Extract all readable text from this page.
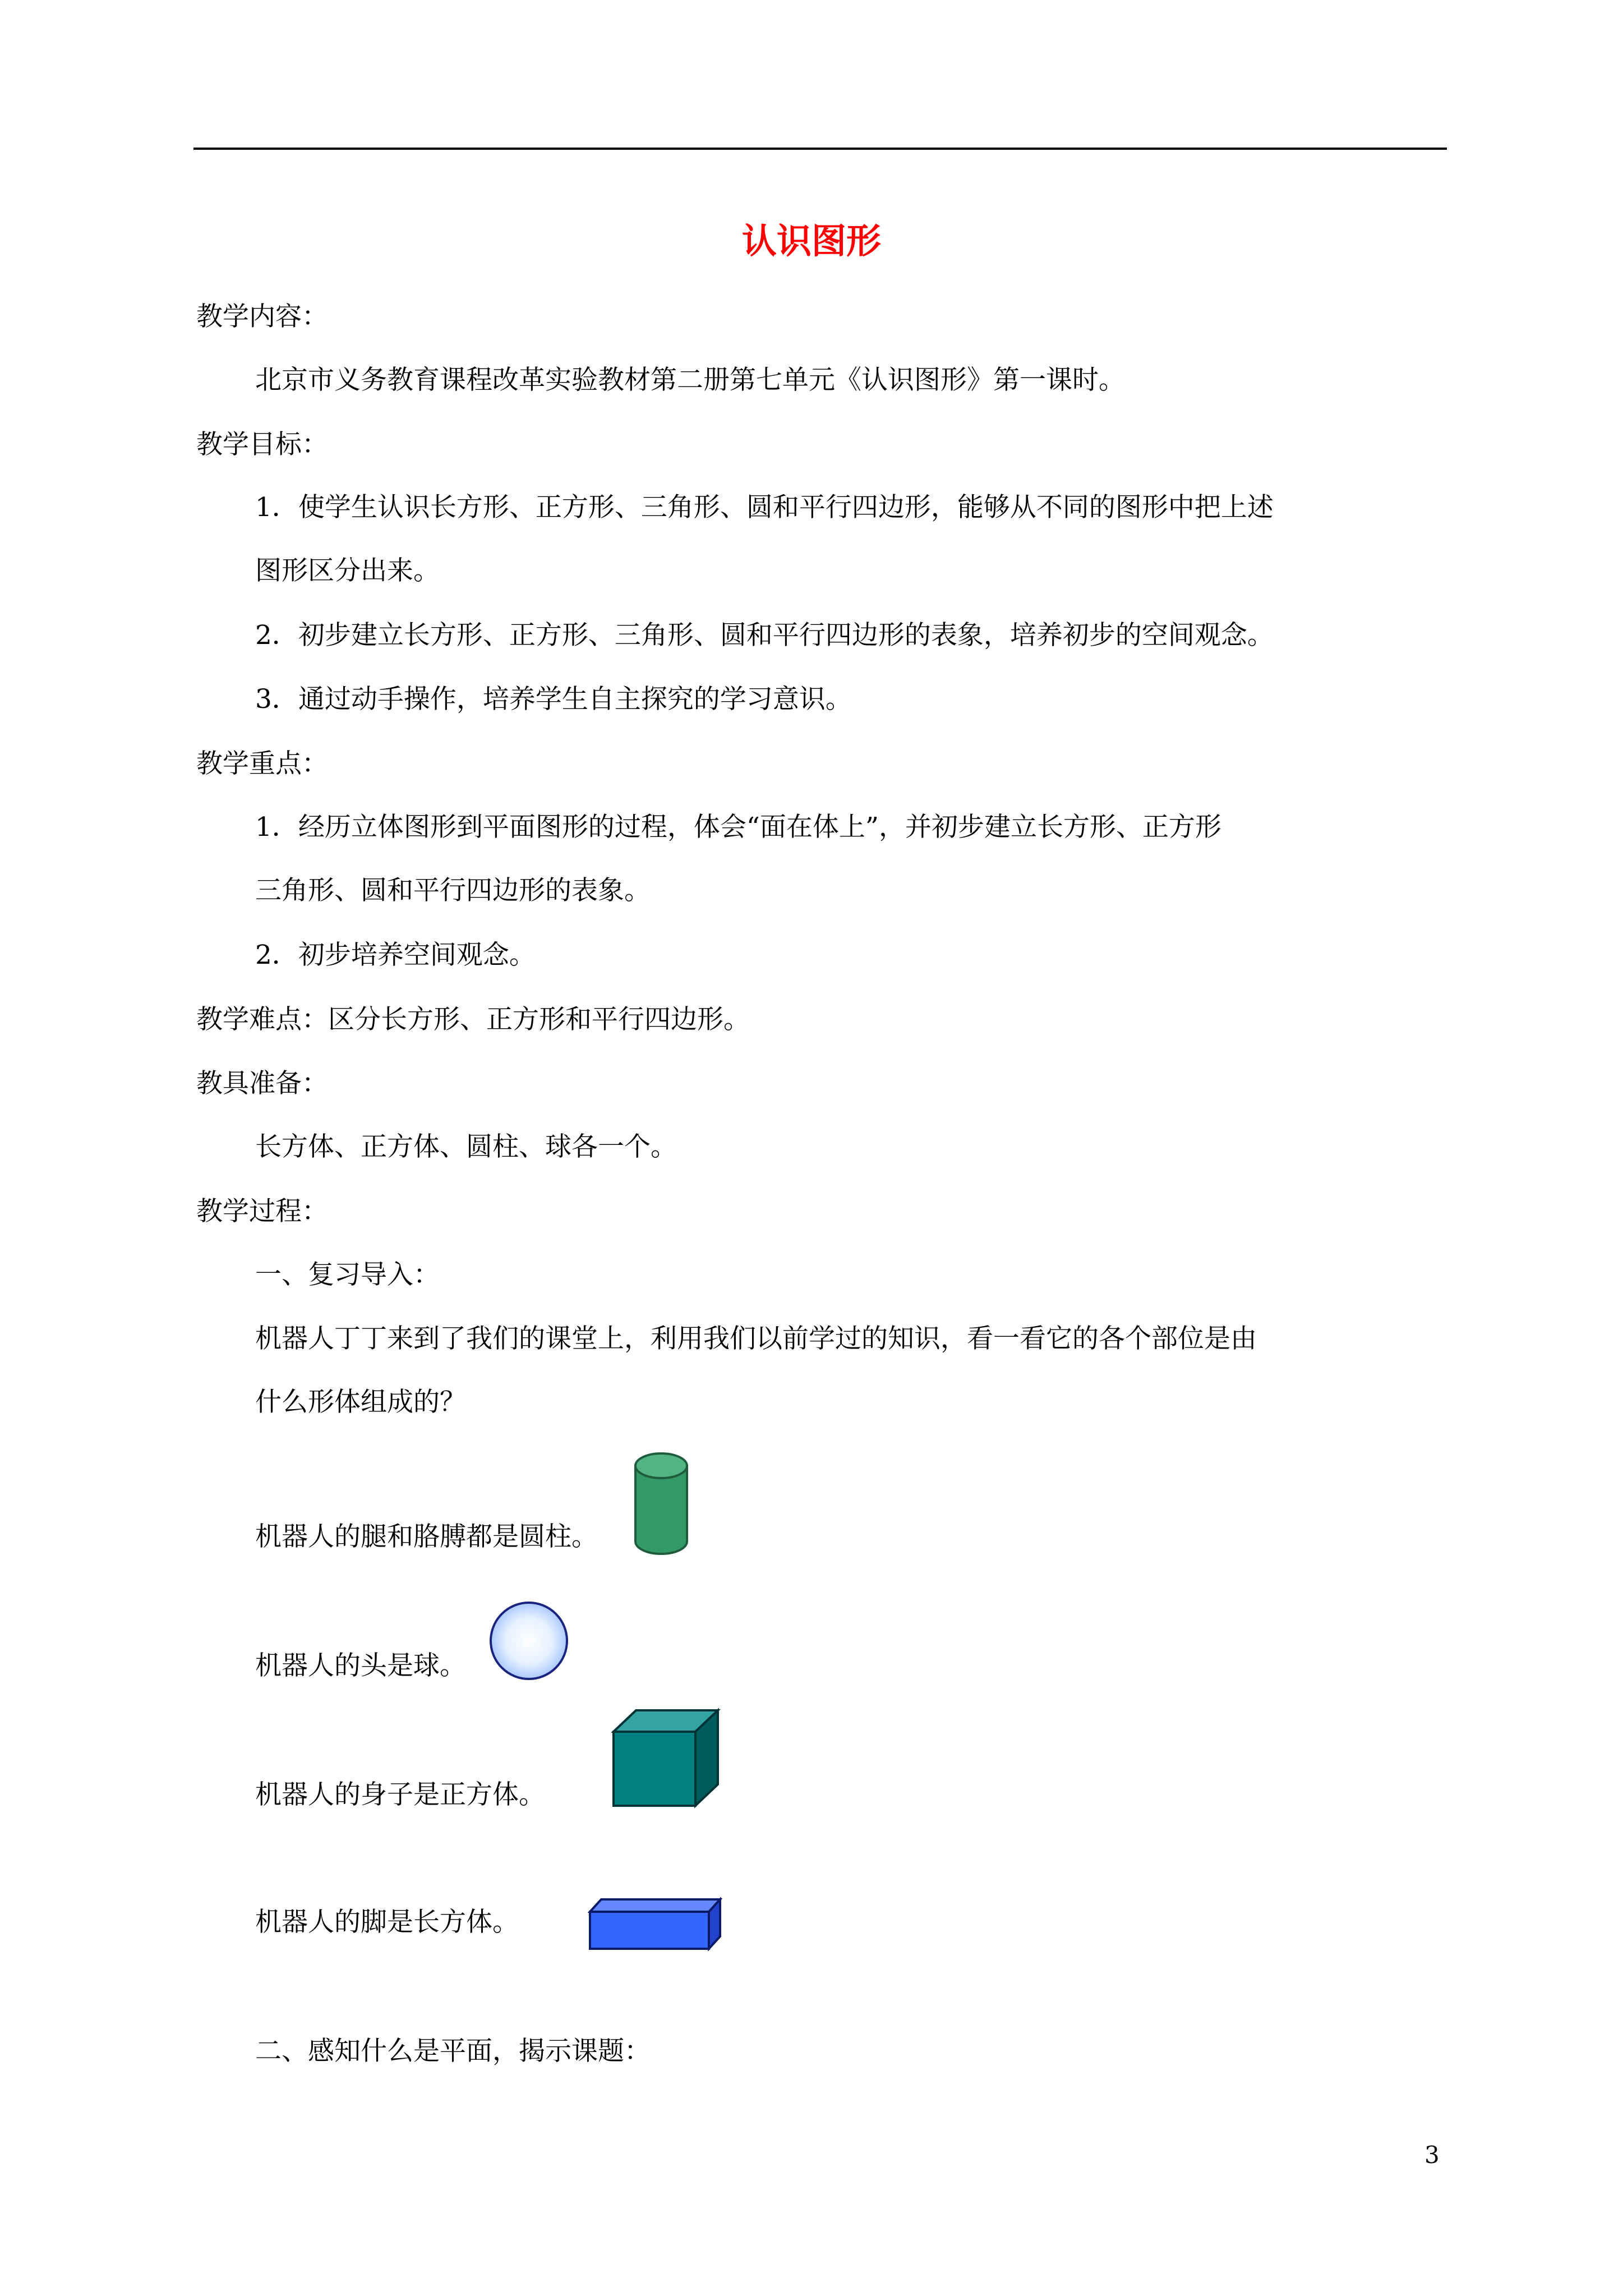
认识图形
教学内容：
北京市义务教育课程改革实验教材第二册第七单元《认识图形》第一课时。
教学目标：
1．使学生认识长方形、正方形、三角形、圆和平行四边形，能够从不同的图形中把上述
图形区分出来。
2．初步建立长方形、正方形、三角形、圆和平行四边形的表象，培养初步的空间观念。
3．通过动手操作，培养学生自主探究的学习意识。
教学重点：
1．经历立体图形到平面图形的过程，体会“面在体上”，并初步建立长方形、正方形
三角形、圆和平行四边形的表象。
2．初步培养空间观念。
教学难点：区分长方形、正方形和平行四边形。
教具准备：
长方体、正方体、圆柱、球各一个。
教学过程：
一、复习导入：
机器人丁丁来到了我们的课堂上，利用我们以前学过的知识，看一看它的各个部位是由
什么形体组成的？
机器人的腿和胳膊都是圆柱。
机器人的头是球。
机器人的身子是正方体。
机器人的脚是长方体。
二、感知什么是平面，揭示课题：
3
